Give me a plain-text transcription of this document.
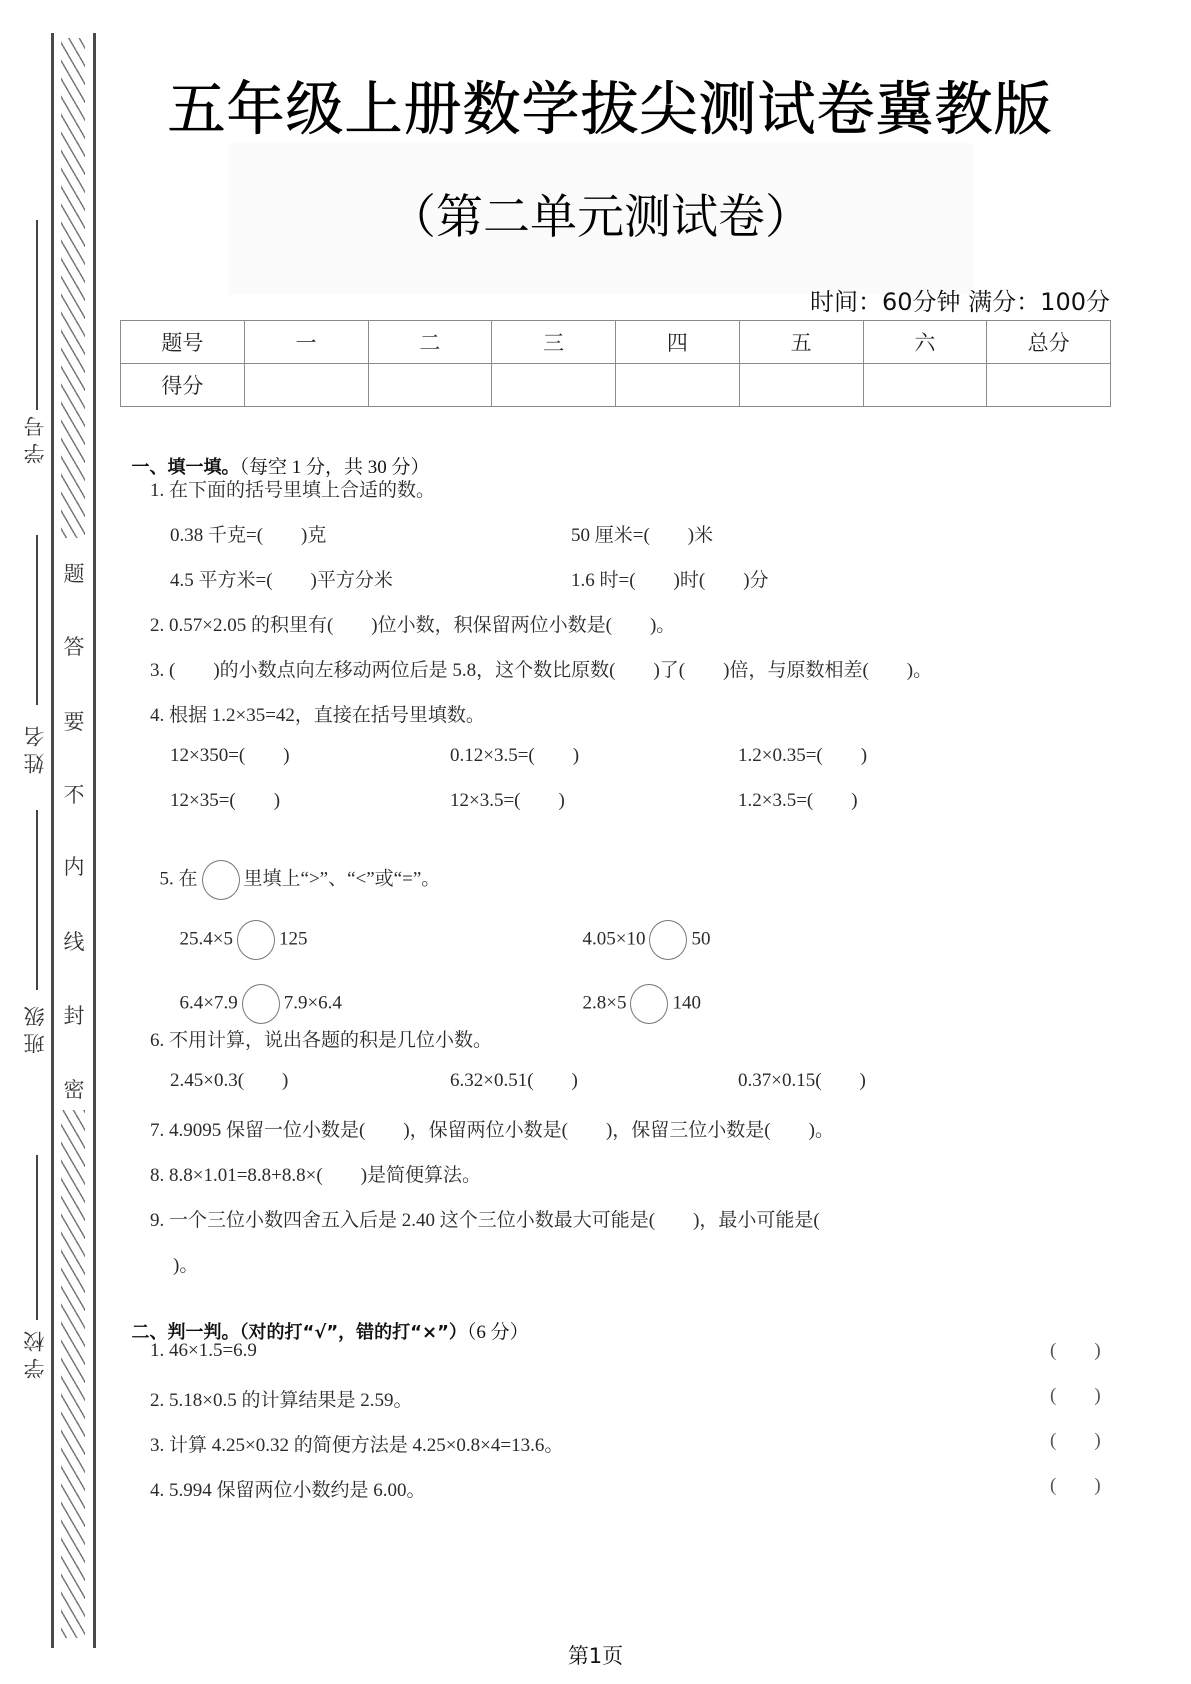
题
答
要
不
内
线
封
密
学号
姓名
班级
学校
五年级上册数学拔尖测试卷冀教版
（第二单元测试卷）
时间：60分钟 满分：100分
题号	一	二	三	四	五	六	总分
得分							

一、填一填。（每空 1 分，共 30 分）

1. 在下面的括号里填上合适的数。
0.38 千克=(        )克	50 厘米=(        )米
4.5 平方米=(        )平方分米	1.6 时=(        )时(        )分
2. 0.57×2.05 的积里有(        )位小数，积保留两位小数是(        )。
3. (        )的小数点向左移动两位后是 5.8，这个数比原数(        )了(        )倍，与原数相差(        )。
4. 根据 1.2×35=42，直接在括号里填数。
12×350=(        )	0.12×3.5=(        )	1.2×0.35=(        )
12×35=(        )	12×3.5=(        )	1.2×3.5=(        )

5. 在 里填上“>”、“<”或“=”。

25.4×5 125	4.05×10 50

6.4×7.9 7.9×6.4	2.8×5 140

6. 不用计算，说出各题的积是几位小数。
2.45×0.3(        )	6.32×0.51(        )	0.37×0.15(        )
7. 4.9095 保留一位小数是(        )，保留两位小数是(        )，保留三位小数是(        )。
8. 8.8×1.01=8.8+8.8×(        )是简便算法。
9. 一个三位小数四舍五入后是 2.40 这个三位小数最大可能是(        )，最小可能是(
)。

二、判一判。（对的打“√”，错的打“×”）（6 分）

1. 46×1.5=6.9	(        )
2. 5.18×0.5 的计算结果是 2.59。	(        )
3. 计算 4.25×0.32 的简便方法是 4.25×0.8×4=13.6。	(        )
4. 5.994 保留两位小数约是 6.00。	(        )
第1页
